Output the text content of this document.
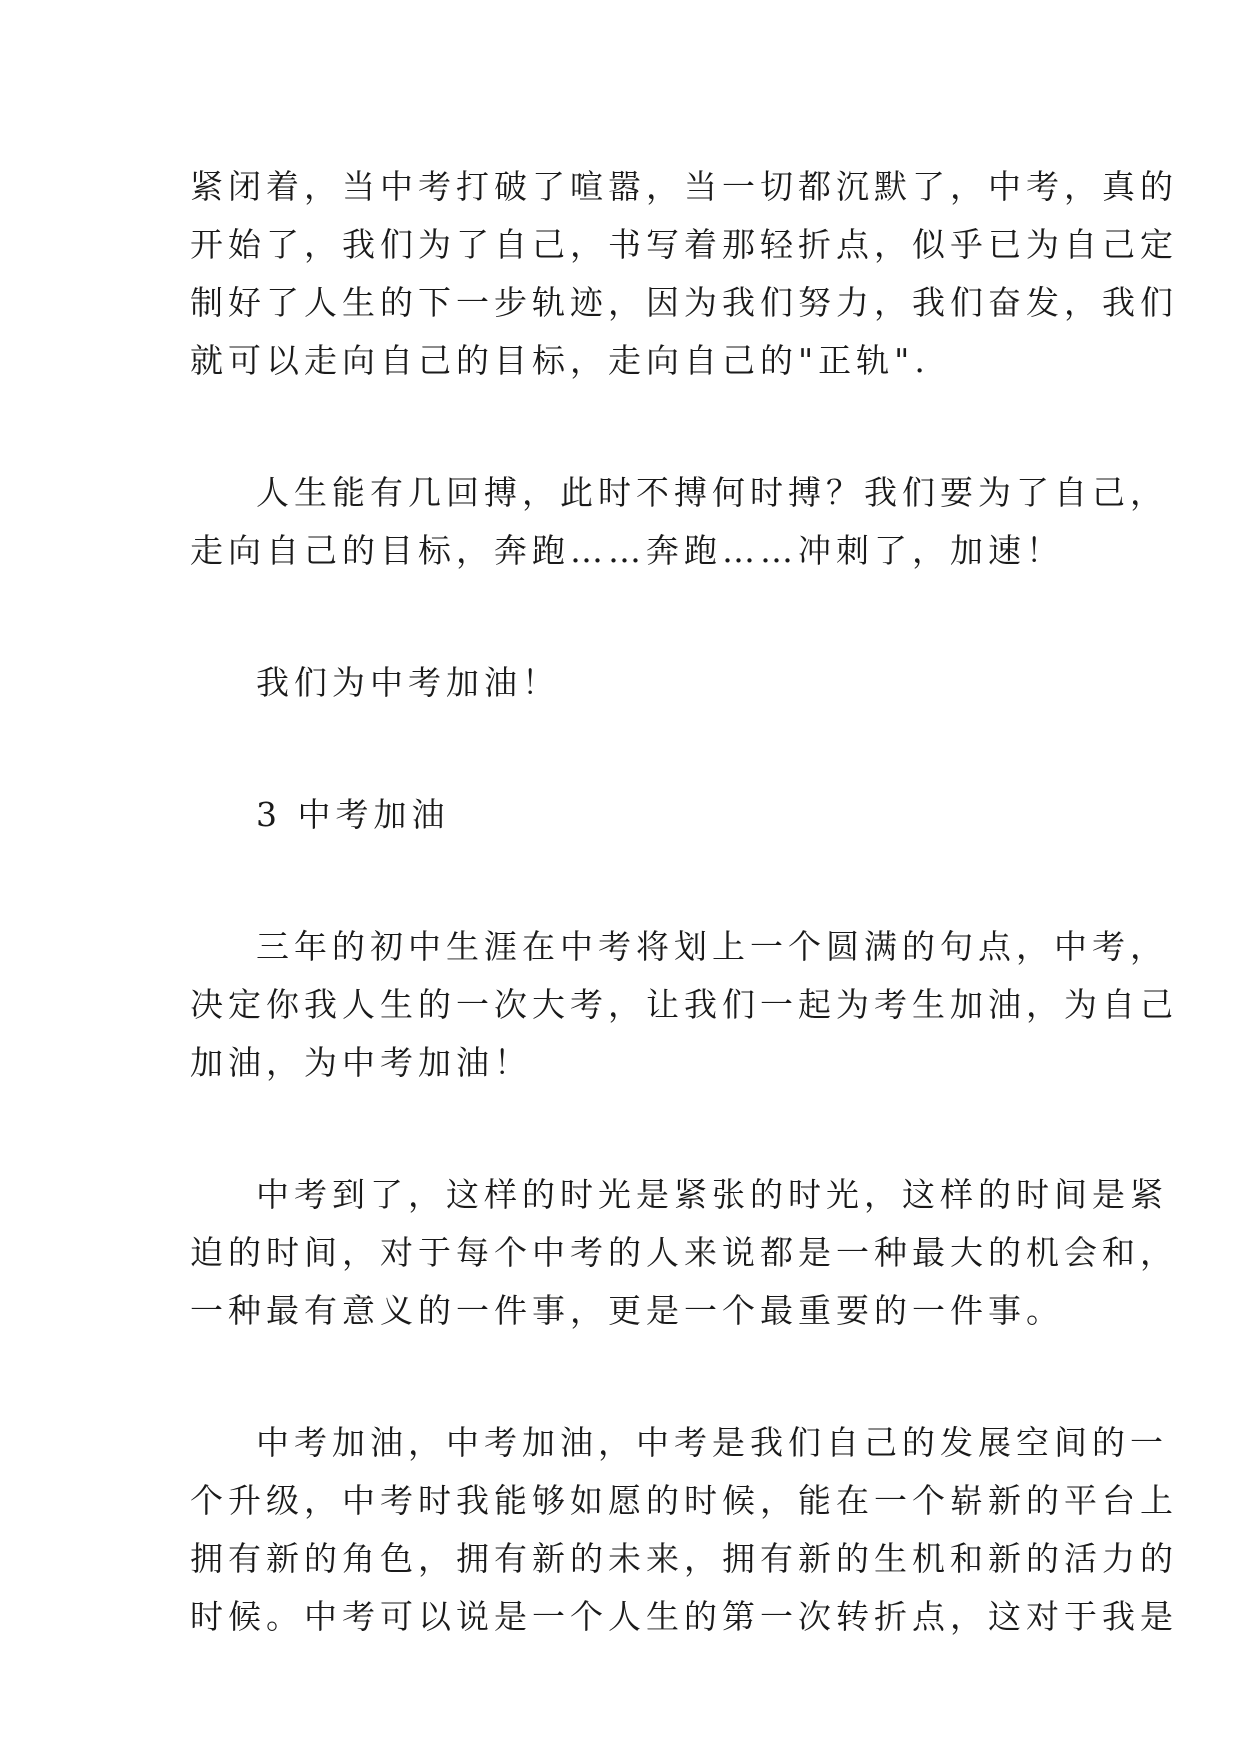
紧闭着，当中考打破了喧嚣，当一切都沉默了，中考，真的
开始了，我们为了自己，书写着那轻折点，似乎已为自己定
制好了人生的下一步轨迹，因为我们努力，我们奋发，我们
就可以走向自己的目标，走向自己的"正轨".

人生能有几回搏，此时不搏何时搏？我们要为了自己，
走向自己的目标，奔跑……奔跑……冲刺了，加速！

我们为中考加油！

3 中考加油

三年的初中生涯在中考将划上一个圆满的句点，中考，
决定你我人生的一次大考，让我们一起为考生加油，为自己
加油，为中考加油！

中考到了，这样的时光是紧张的时光，这样的时间是紧
迫的时间，对于每个中考的人来说都是一种最大的机会和，
一种最有意义的一件事，更是一个最重要的一件事。

中考加油，中考加油，中考是我们自己的发展空间的一
个升级，中考时我能够如愿的时候，能在一个崭新的平台上
拥有新的角色，拥有新的未来，拥有新的生机和新的活力的
时候。中考可以说是一个人生的第一次转折点，这对于我是
